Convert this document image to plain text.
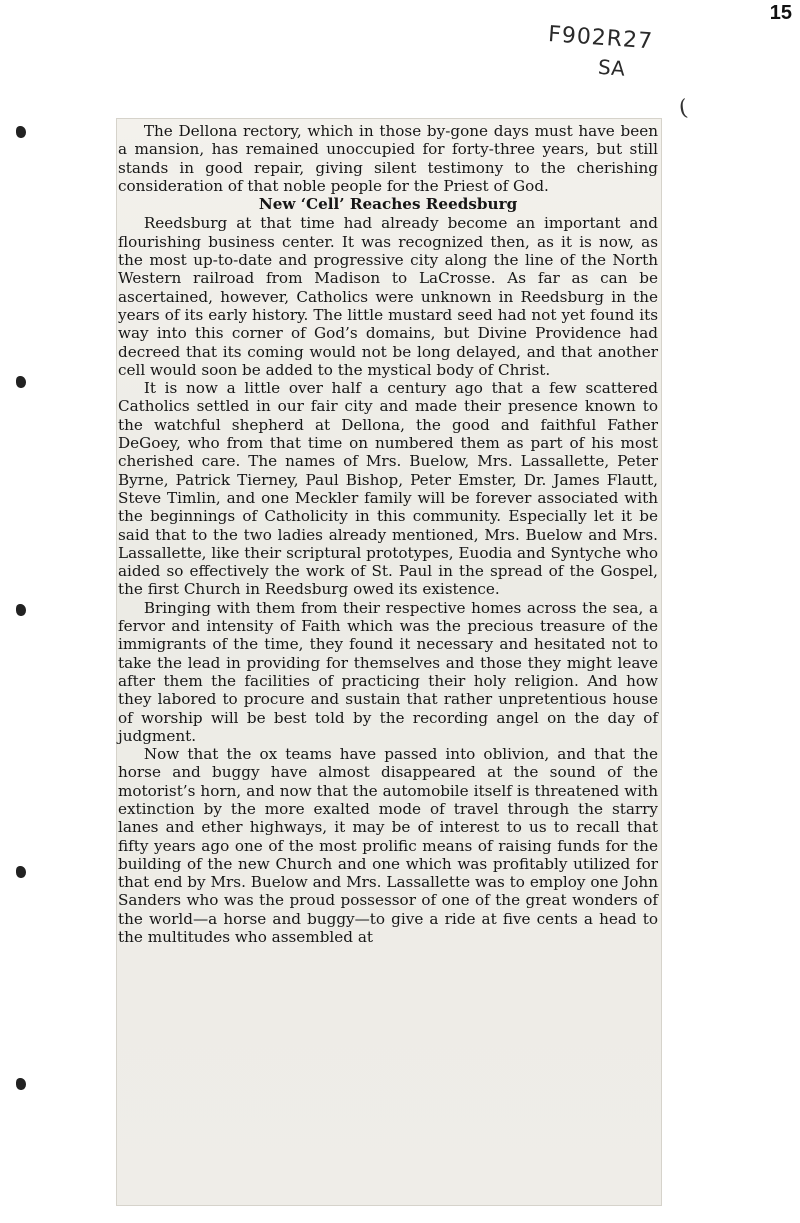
15
F902R27
SA
(

The Dellona rectory, which in those by-gone days must have been a mansion, has remained unoccupied for forty-three years, but still stands in good repair, giving silent testimony to the cherishing consideration of that noble people for the Priest of God.

New ‘Cell’ Reaches Reedsburg

Reedsburg at that time had already become an important and flourishing business center. It was recognized then, as it is now, as the most up-to-date and progressive city along the line of the North Western railroad from Madison to LaCrosse. As far as can be ascertained, however, Catholics were unknown in Reedsburg in the years of its early history. The little mustard seed had not yet found its way into this corner of God’s domains, but Divine Providence had decreed that its coming would not be long delayed, and that another cell would soon be added to the mystical body of Christ.

It is now a little over half a century ago that a few scattered Catholics settled in our fair city and made their presence known to the watchful shepherd at Dellona, the good and faithful Father DeGoey, who from that time on numbered them as part of his most cherished care. The names of Mrs. Buelow, Mrs. Lassallette, Peter Byrne, Patrick Tierney, Paul Bishop, Peter Emster, Dr. James Flautt, Steve Timlin, and one Meckler family will be forever associated with the beginnings of Catholicity in this community. Especially let it be said that to the two ladies already mentioned, Mrs. Buelow and Mrs. Lassallette, like their scriptural prototypes, Euodia and Syntyche who aided so effectively the work of St. Paul in the spread of the Gospel, the first Church in Reedsburg owed its existence.

Bringing with them from their respective homes across the sea, a fervor and intensity of Faith which was the precious treasure of the immigrants of the time, they found it necessary and hesitated not to take the lead in providing for themselves and those they might leave after them the facilities of practicing their holy religion. And how they labored to procure and sustain that rather unpretentious house of worship will be best told by the recording angel on the day of judgment.

Now that the ox teams have passed into oblivion, and that the horse and buggy have almost disappeared at the sound of the motorist’s horn, and now that the automobile itself is threatened with extinction by the more exalted mode of travel through the starry lanes and ether highways, it may be of interest to us to recall that fifty years ago one of the most prolific means of raising funds for the building of the new Church and one which was profitably utilized for that end by Mrs. Buelow and Mrs. Lassallette was to employ one John Sanders who was the proud possessor of one of the great wonders of the world—a horse and buggy—to give a ride at five cents a head to the multitudes who assembled at
